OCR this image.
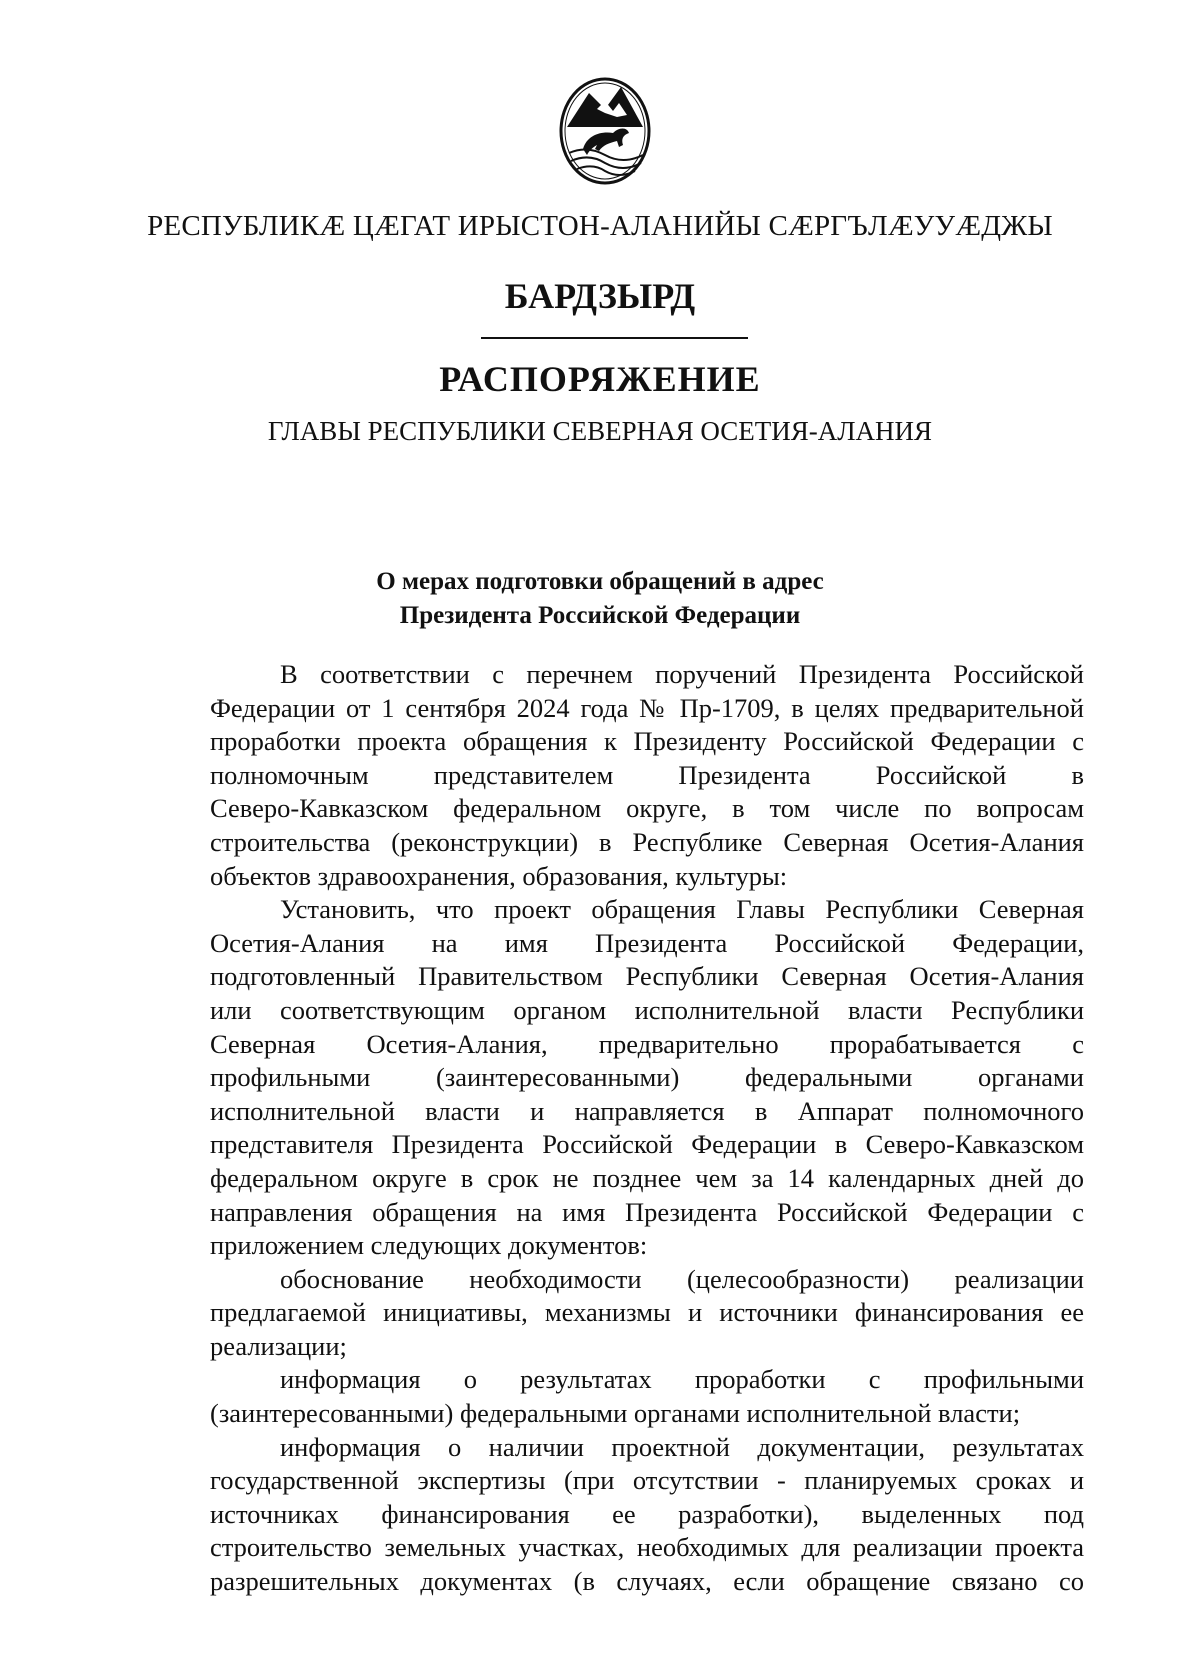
РЕСПУБЛИКÆ ЦÆГАТ ИРЫСТОН-АЛАНИЙЫ СÆРГЪЛÆУУÆДЖЫ
БАРДЗЫРД
РАСПОРЯЖЕНИЕ
ГЛАВЫ РЕСПУБЛИКИ СЕВЕРНАЯ ОСЕТИЯ-АЛАНИЯ
О мерах подготовки обращений в адрес
Президента Российской Федерации
В соответствии с перечнем поручений Президента Российской
Федерации от 1 сентября 2024 года № Пр-1709, в целях предварительной
проработки проекта обращения к Президенту Российской Федерации с
полномочным представителем Президента Российской в
Северо-Кавказском федеральном округе, в том числе по вопросам
строительства (реконструкции) в Республике Северная Осетия-Алания
объектов здравоохранения, образования, культуры:
Установить, что проект обращения Главы Республики Северная
Осетия-Алания на имя Президента Российской Федерации,
подготовленный Правительством Республики Северная Осетия-Алания
или соответствующим органом исполнительной власти Республики
Северная Осетия-Алания, предварительно прорабатывается с
профильными (заинтересованными) федеральными органами
исполнительной власти и направляется в Аппарат полномочного
представителя Президента Российской Федерации в Северо-Кавказском
федеральном округе в срок не позднее чем за 14 календарных дней до
направления обращения на имя Президента Российской Федерации с
приложением следующих документов:
обоснование необходимости (целесообразности) реализации
предлагаемой инициативы, механизмы и источники финансирования ее
реализации;
информация о результатах проработки с профильными
(заинтересованными) федеральными органами исполнительной власти;
информация о наличии проектной документации, результатах
государственной экспертизы (при отсутствии - планируемых сроках и
источниках финансирования ее разработки), выделенных под
строительство земельных участках, необходимых для реализации проекта
разрешительных документах (в случаях, если обращение связано со
